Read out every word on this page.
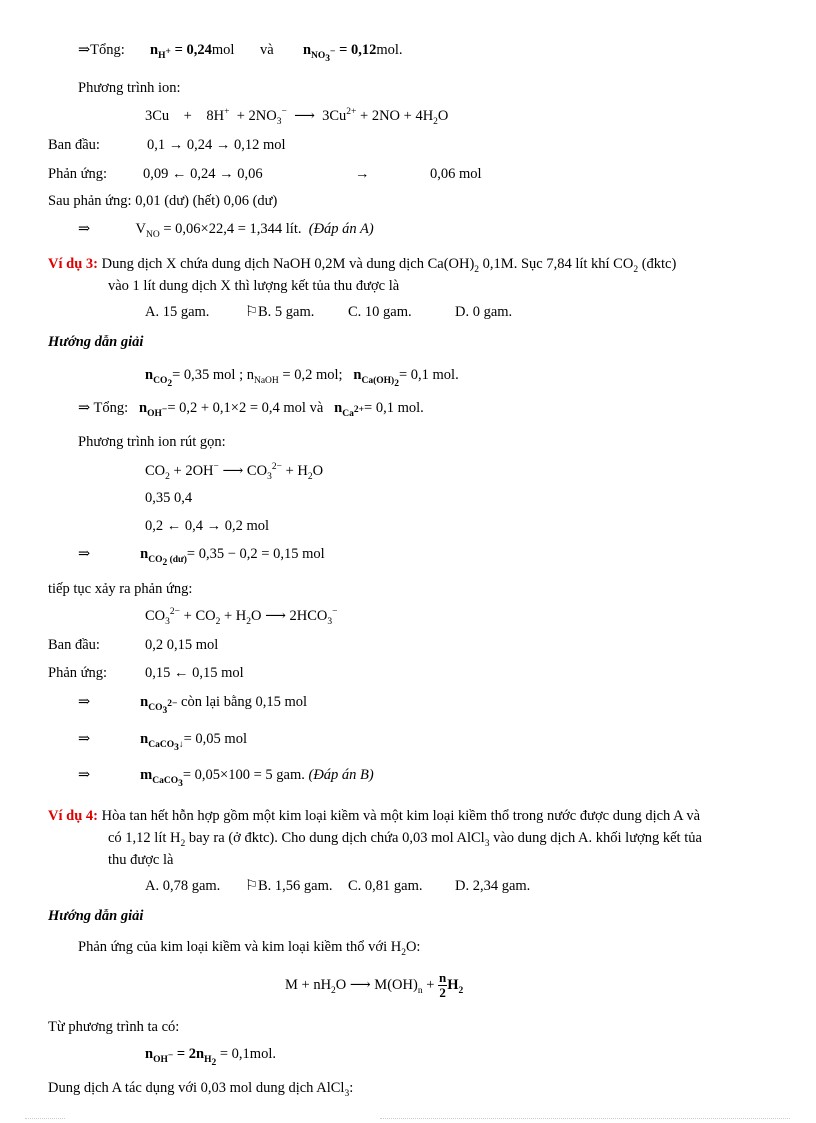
⇒Tổng: $n_{H^+} = 0,24mol$ và $n_{NO_3^-} = 0,12mol$.
Phương trình ion:
$3Cu + 8H^+ + 2NO_3^-$ ⟶ $3Cu^{2+} + 2NO + 4H_2O$
Ban đầu:	0,1 → 0,24 → 0,12 mol
Phản ứng: 0,09 ← 0,24 → 0,06	→	0,06 mol
Sau phản ứng: 0,01 (dư) (hết) 0,06 (dư)
⇒	$V_{NO} = 0,06\times 22,4 = 1,344$ lít. (Đáp án A)
Ví dụ 3: Dung dịch X chứa dung dịch NaOH 0,2M và dung dịch $Ca(OH)_2$ 0,1M. Sục 7,84 lít khí $CO_2$ (đktc)
vào 1 lít dung dịch X thì lượng kết tủa thu được là
A. 15 gam. ⚐B. 5 gam. C. 10 gam.	D. 0 gam.
Hướng dẫn giải
$n_{CO_2}= 0,35$ mol ; $n_{NaOH} = 0,2$ mol; $n_{Ca(OH)_2}= 0,1$ mol.
⇒ Tổng: $n_{OH^-}= 0,2 + 0,1\times 2 = 0,4$ mol và $n_{Ca^{2+}}= 0,1$ mol.
Phương trình ion rút gọn:
$CO_2 + 2OH^-$ ⟶ $CO_3^{2-} + H_2O$
0,35 0,4
0,2 ← 0,4 → 0,2 mol
⇒	$n_{CO_2 (dư)}= 0,35 - 0,2 = 0,15$ mol
tiếp tục xảy ra phản ứng:
$CO_3^{2-} + CO_2 + H_2O$ ⟶ $2HCO_3^-$
Ban đầu:	0,2 0,15 mol
Phản ứng:	0,15 ← 0,15 mol
⇒	$n_{CO_3^{2-}}$ còn lại bằng 0,15 mol
⇒	$n_{CaCO_3↓}= 0,05$ mol
⇒	$m_{CaCO_3}= 0,05\times 100 = 5$ gam. (Đáp án B)
Ví dụ 4: Hòa tan hết hỗn hợp gồm một kim loại kiềm và một kim loại kiềm thổ trong nước được dung dịch A và
có 1,12 lít $H_2$ bay ra (ở đktc). Cho dung dịch chứa 0,03 mol AlCl$_3$ vào dung dịch A. khối lượng kết tủa
thu được là
A. 0,78 gam. ⚐B. 1,56 gam. C. 0,81 gam. D. 2,34 gam.
Hướng dẫn giải
Phản ứng của kim loại kiềm và kim loại kiềm thổ với $H_2O$:
$M + nH_2O$ ⟶ $M(OH)_n + \frac{n}{2} H_2$
Từ phương trình ta có:
$n_{OH^-} = 2n_{H_2} = 0,1mol$.
Dung dịch A tác dụng với 0,03 mol dung dịch AlCl$_3$:
